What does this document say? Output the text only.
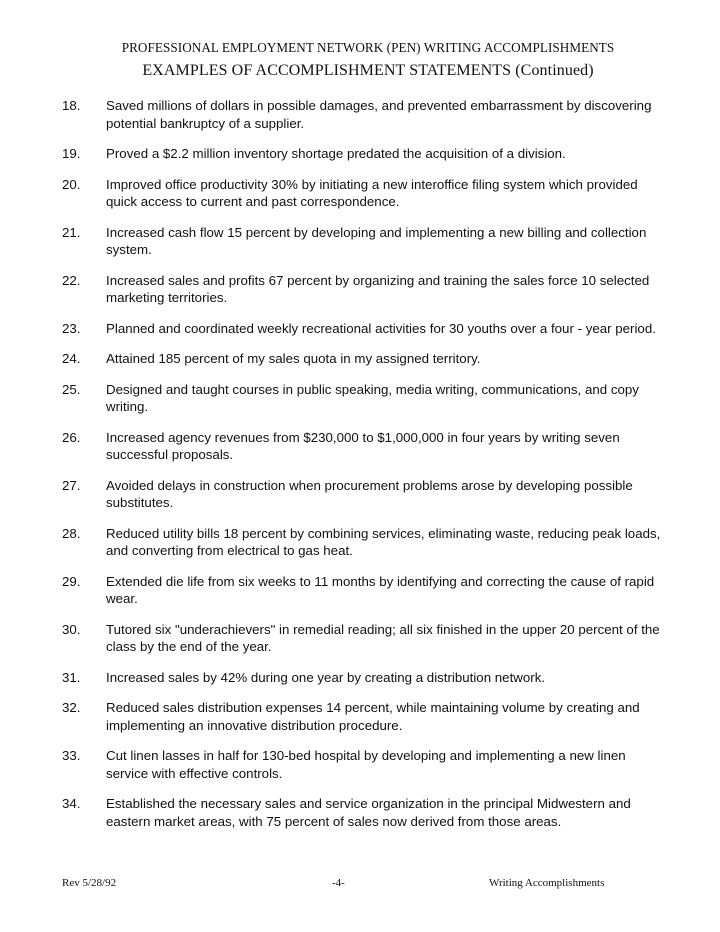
PROFESSIONAL EMPLOYMENT NETWORK (PEN) WRITING ACCOMPLISHMENTS
EXAMPLES OF ACCOMPLISHMENT STATEMENTS (Continued)
18.	Saved millions of dollars in possible damages, and prevented embarrassment by discovering potential bankruptcy of a supplier.
19.	Proved a $2.2 million inventory shortage predated the acquisition of a division.
20.	Improved office productivity 30% by initiating a new interoffice filing system which provided quick access to current and past correspondence.
21.	Increased cash flow 15 percent by developing and implementing a new billing and collection system.
22.	Increased sales and profits 67 percent by organizing and training the sales force 10 selected marketing territories.
23.	Planned and coordinated weekly recreational activities for 30 youths over a four - year period.
24.	Attained 185 percent of my sales quota in my assigned territory.
25.	Designed and taught courses in public speaking, media writing, communications, and copy writing.
26.	Increased agency revenues from $230,000 to $1,000,000 in four years by writing seven successful proposals.
27.	Avoided delays in construction when procurement problems arose by developing possible substitutes.
28.	Reduced utility bills 18 percent by combining services, eliminating waste, reducing peak loads, and converting from electrical to gas heat.
29.	Extended die life from six weeks to 11 months by identifying and correcting the cause of rapid wear.
30.	Tutored six "underachievers" in remedial reading; all six finished in the upper 20 percent of the class by the end of the year.
31.	Increased sales by 42% during one year by creating a distribution network.
32.	Reduced sales distribution expenses 14 percent, while maintaining volume by creating and implementing an innovative distribution procedure.
33.	Cut linen lasses in half for 130-bed hospital by developing and implementing a new linen service with effective controls.
34.	Established the necessary sales and service organization in the principal Midwestern and eastern market areas, with 75 percent of sales now derived from those areas.
Rev 5/28/92	-4-	Writing Accomplishments
